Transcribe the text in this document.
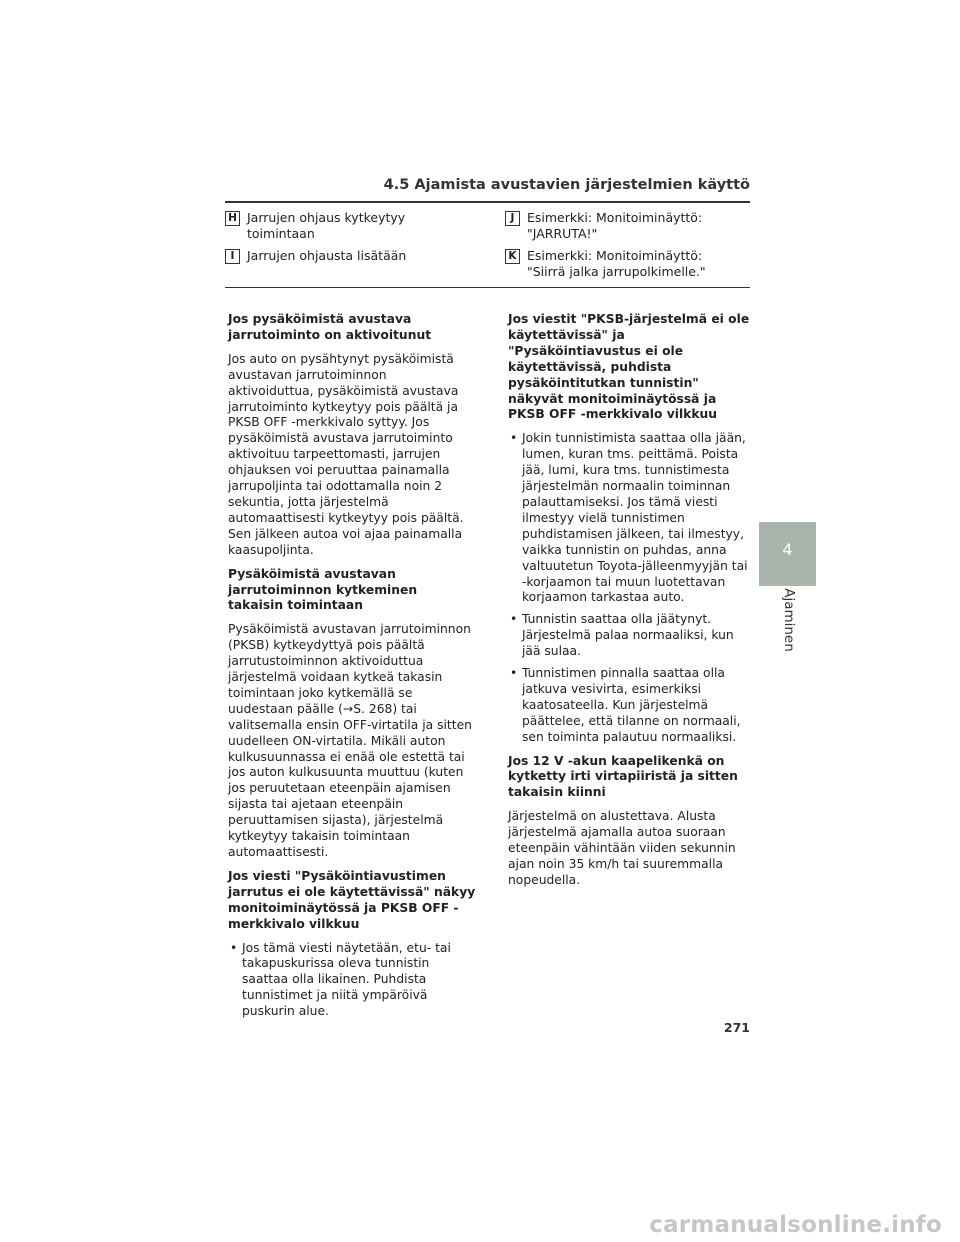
4.5 Ajamista avustavien järjestelmien käyttö
H Jarrujen ohjaus kytkeytyy toimintaan
I	Jarrujen ohjausta lisätään
J	Esimerkki: Monitoiminäyttö: "JARRUTA!"
K Esimerkki: Monitoiminäyttö: "Siirrä jalka jarrupolkimelle."
Jos pysäköimistä avustava jarrutoiminto on aktivoitunut

Jos auto on pysähtynyt pysäköimistä avustavan jarrutoiminnon aktivoiduttua, pysäköimistä avustava jarrutoiminto kytkeytyy pois päältä ja PKSB OFF -merkkivalo syttyy. Jos pysäköimistä avustava jarrutoiminto aktivoituu tarpeettomasti, jarrujen ohjauksen voi peruuttaa painamalla jarrupoljinta tai odottamalla noin 2 sekuntia, jotta järjestelmä automaattisesti kytkeytyy pois päältä. Sen jälkeen autoa voi ajaa painamalla kaasupoljinta.

Pysäköimistä avustavan jarrutoiminnon kytkeminen takaisin toimintaan

Pysäköimistä avustavan jarrutoiminnon (PKSB) kytkeydyttyä pois päältä jarrutustoiminnon aktivoiduttua järjestelmä voidaan kytkeä takasin toimintaan joko kytkemällä se uudestaan päälle (→S. 268) tai valitsemalla ensin OFF-virtatila ja sitten uudelleen ON-virtatila. Mikäli auton kulkusuunnassa ei enää ole estettä tai jos auton kulkusuunta muuttuu (kuten jos peruutetaan eteenpäin ajamisen sijasta tai ajetaan eteenpäin peruuttamisen sijasta), järjestelmä kytkeytyy takaisin toimintaan automaattisesti.

Jos viesti "Pysäköintiavustimen jarrutus ei ole käytettävissä" näkyy monitoiminäytössä ja PKSB OFF -merkkivalo vilkkuu
• Jos tämä viesti näytetään, etu- tai takapuskurissa oleva tunnistin saattaa olla likainen. Puhdista tunnistimet ja niitä ympäröivä puskurin alue.
Jos viestit "PKSB-järjestelmä ei ole käytettävissä" ja "Pysäköintiavustus ei ole käytettävissä, puhdista pysäköintitutkan tunnistin" näkyvät monitoiminäytössä ja PKSB OFF -merkkivalo vilkkuu
• Jokin tunnistimista saattaa olla jään, lumen, kuran tms. peittämä. Poista jää, lumi, kura tms. tunnistimesta järjestelmän normaalin toiminnan palauttamiseksi. Jos tämä viesti ilmestyy vielä tunnistimen puhdistamisen jälkeen, tai ilmestyy, vaikka tunnistin on puhdas, anna valtuutetun Toyota-jälleenmyyjän tai -korjaamon tai muun luotettavan korjaamon tarkastaa auto.
• Tunnistin saattaa olla jäätynyt. Järjestelmä palaa normaaliksi, kun jää sulaa.
• Tunnistimen pinnalla saattaa olla jatkuva vesivirta, esimerkiksi kaatosateella. Kun järjestelmä päättelee, että tilanne on normaali, sen toiminta palautuu normaaliksi.
Jos 12 V -akun kaapelikenkä on kytketty irti virtapiiristä ja sitten takaisin kiinni

Järjestelmä on alustettava. Alusta järjestelmä ajamalla autoa suoraan eteenpäin vähintään viiden sekunnin ajan noin 35 km/h tai suuremmalla nopeudella.

4
Ajaminen
271
carmanualsonline.info
